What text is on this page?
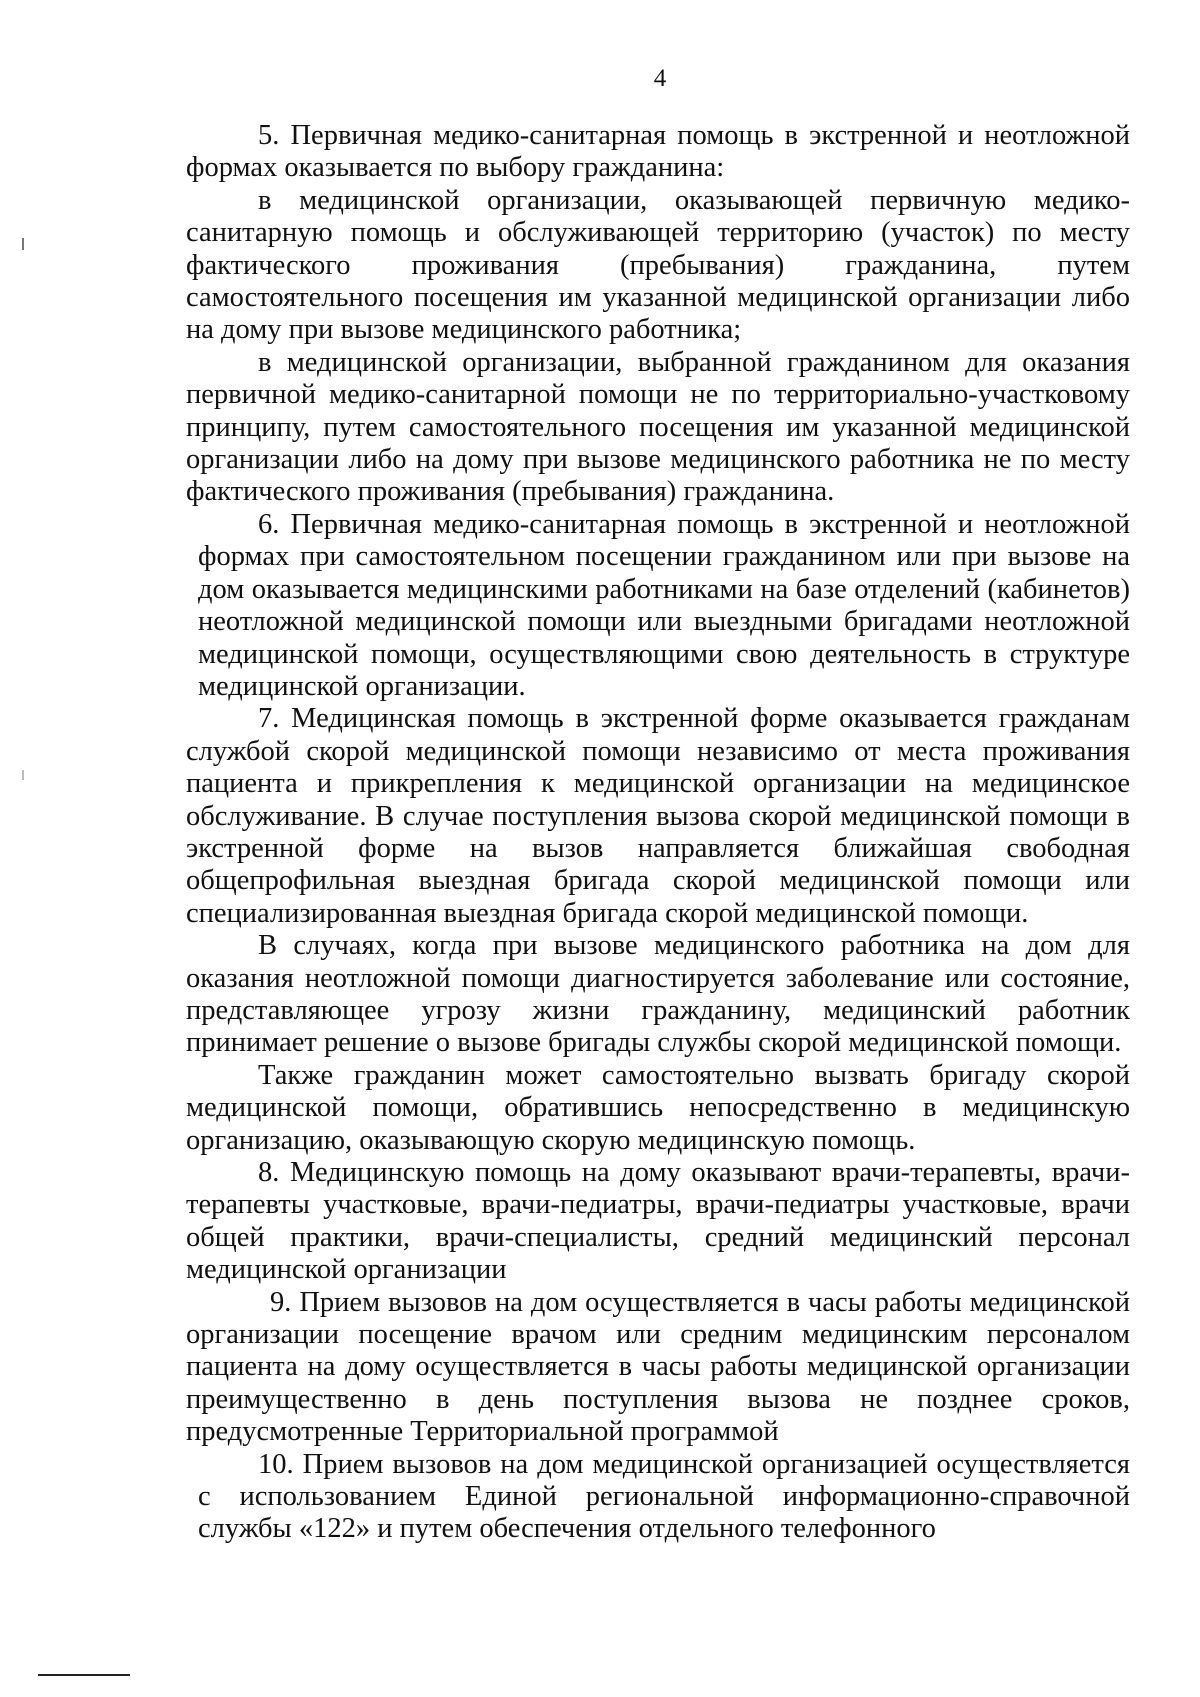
4

5. Первичная медико-санитарная помощь в экстренной и неотложной формах оказывается по выбору гражданина:

в медицинской организации, оказывающей первичную медико-санитарную помощь и обслуживающей территорию (участок) по месту фактического проживания (пребывания) гражданина, путем самостоятельного посещения им указанной медицинской организации либо на дому при вызове медицинского работника;

в медицинской организации, выбранной гражданином для оказания первичной медико-санитарной помощи не по территориально-участковому принципу, путем самостоятельного посещения им указанной медицинской организации либо на дому при вызове медицинского работника не по месту фактического проживания (пребывания) гражданина.

6. Первичная медико-санитарная помощь в экстренной и неотложной формах при самостоятельном посещении гражданином или при вызове на дом оказывается медицинскими работниками на базе отделений (кабинетов) неотложной медицинской помощи или выездными бригадами неотложной медицинской помощи, осуществляющими свою деятельность в структуре медицинской организации.

7. Медицинская помощь в экстренной форме оказывается гражданам службой скорой медицинской помощи независимо от места проживания пациента и прикрепления к медицинской организации на медицинское обслуживание. В случае поступления вызова скорой медицинской помощи в экстренной форме на вызов направляется ближайшая свободная общепрофильная выездная бригада скорой медицинской помощи или специализированная выездная бригада скорой медицинской помощи.

В случаях, когда при вызове медицинского работника на дом для оказания неотложной помощи диагностируется заболевание или состояние, представляющее угрозу жизни гражданину, медицинский работник принимает решение о вызове бригады службы скорой медицинской помощи.

Также гражданин может самостоятельно вызвать бригаду скорой медицинской помощи, обратившись непосредственно в медицинскую организацию, оказывающую скорую медицинскую помощь.

8. Медицинскую помощь на дому оказывают врачи-терапевты, врачи-терапевты участковые, врачи-педиатры, врачи-педиатры участковые, врачи общей практики, врачи-специалисты, средний медицинский персонал медицинской организации

9. Прием вызовов на дом осуществляется в часы работы медицинской организации посещение врачом или средним медицинским персоналом пациента на дому осуществляется в часы работы медицинской организации преимущественно в день поступления вызова не позднее сроков, предусмотренные Территориальной программой

10. Прием вызовов на дом медицинской организацией осуществляется с использованием Единой региональной информационно-справочной службы «122» и путем обеспечения отдельного телефонного
